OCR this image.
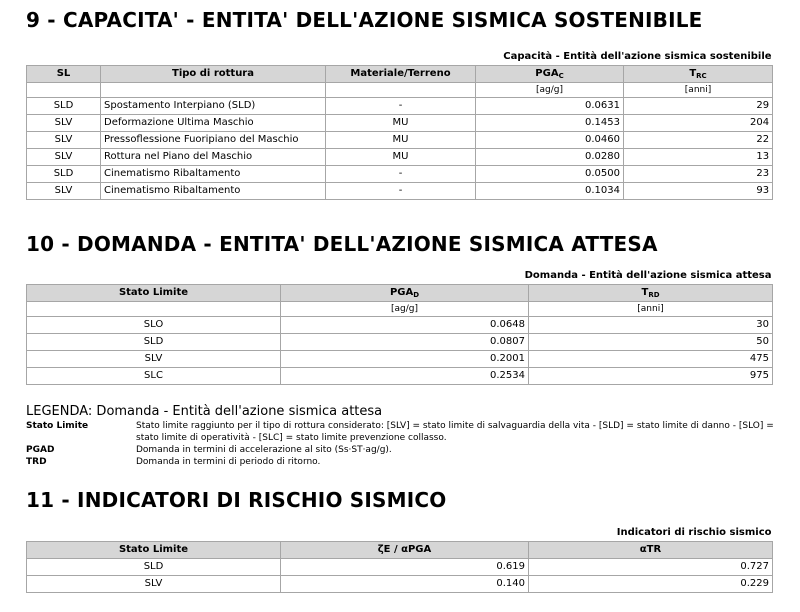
9 - CAPACITA' - ENTITA' DELL'AZIONE SISMICA SOSTENIBILE
Capacità - Entità dell'azione sismica sostenibile				
SL	Tipo di rottura	Materiale/Terreno	$PGA_C$	$T_{RC}$
			[ag/g]	[anni]
SLD	Spostamento Interpiano (SLD)	-	0.0631	29
SLV	Deformazione Ultima Maschio	MU	0.1453	204
SLV	Pressoflessione Fuoripiano del Maschio	MU	0.0460	22
SLV	Rottura nel Piano del Maschio	MU	0.0280	13
SLD	Cinematismo Ribaltamento	-	0.0500	23
SLV	Cinematismo Ribaltamento	-	0.1034	93
10 - DOMANDA - ENTITA' DELL'AZIONE SISMICA ATTESA
Domanda - Entità dell'azione sismica attesa		
Stato Limite	$PGA_D$	$T_{RD}$
	[ag/g]	[anni]
SLO	0.0648	30
SLD	0.0807	50
SLV	0.2001	475
SLC	0.2534	975
LEGENDA: Domanda - Entità dell'azione sismica attesa
Stato Limite	Stato limite raggiunto per il tipo di rottura considerato: [SLV] = stato limite di salvaguardia della vita - [SLD] = stato limite di danno - [SLO] = stato limite di operatività - [SLC] = stato limite prevenzione collasso.
PGAD	Domanda in termini di accelerazione al sito (Ss·ST·ag/g).
TRD	Domanda in termini di periodo di ritorno.
11 - INDICATORI DI RISCHIO SISMICO
Indicatori di rischio sismico		
Stato Limite	ζE / αPGA	αTR
SLD	0.619	0.727
SLV	0.140	0.229
